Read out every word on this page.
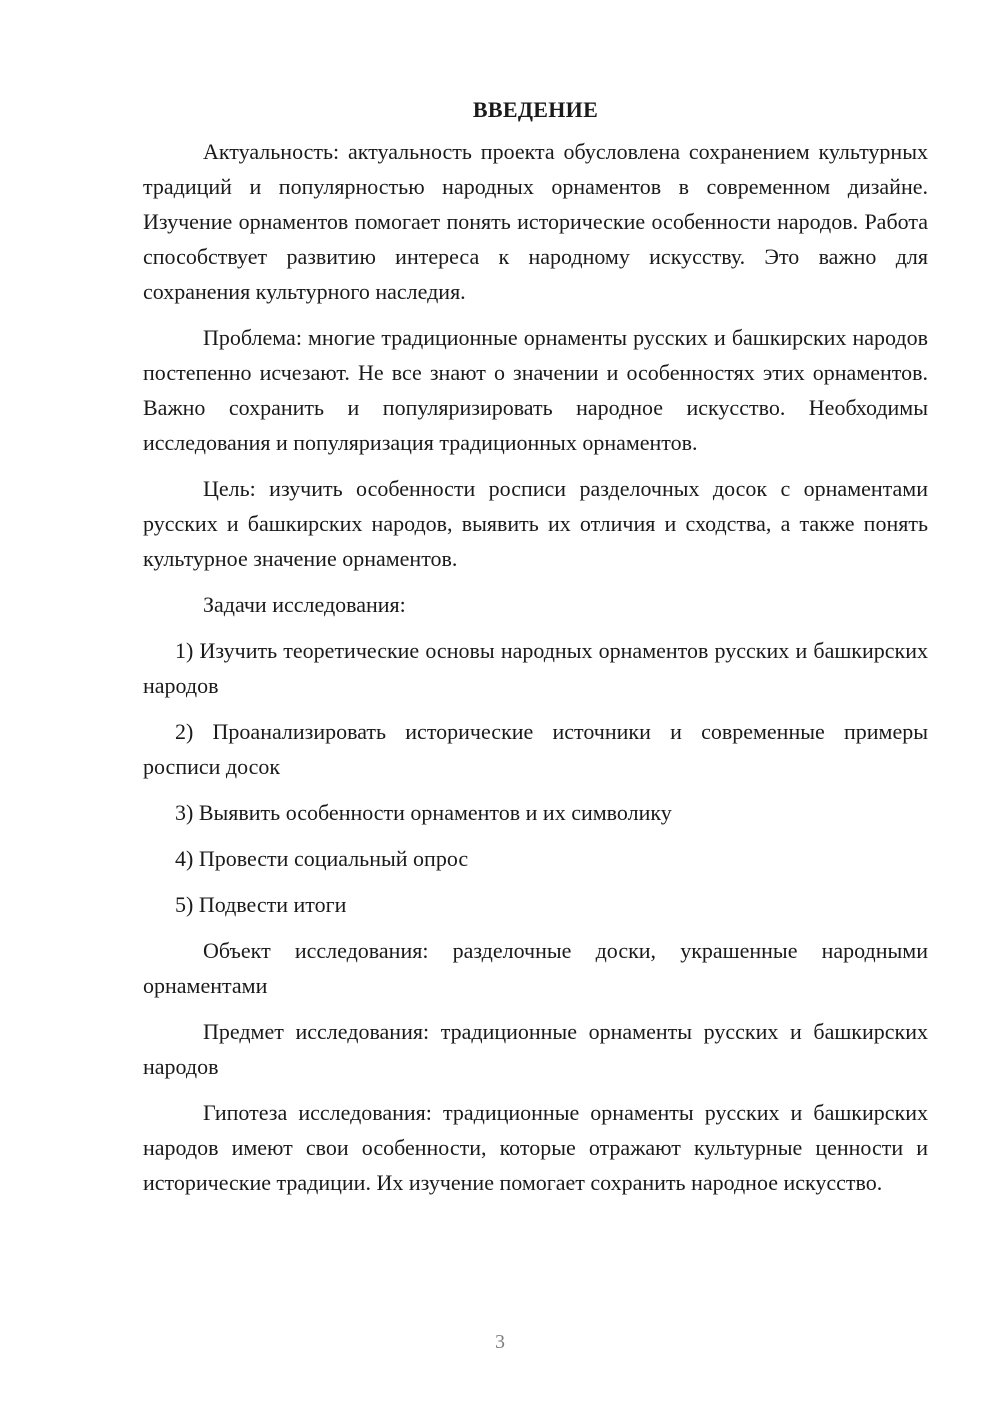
ВВЕДЕНИЕ

Актуальность: актуальность проекта обусловлена сохранением культурных традиций и популярностью народных орнаментов в современном дизайне. Изучение орнаментов помогает понять исторические особенности народов. Работа способствует развитию интереса к народному искусству. Это важно для сохранения культурного наследия.

Проблема: многие традиционные орнаменты русских и башкирских народов постепенно исчезают. Не все знают о значении и особенностях этих орнаментов. Важно сохранить и популяризировать народное искусство. Необходимы исследования и популяризация традиционных орнаментов.

Цель: изучить особенности росписи разделочных досок с орнаментами русских и башкирских народов, выявить их отличия и сходства, а также понять культурное значение орнаментов.

Задачи исследования:

1) Изучить теоретические основы народных орнаментов русских и башкирских народов

2) Проанализировать исторические источники и современные примеры росписи досок

3) Выявить особенности орнаментов и их символику

4) Провести социальный опрос

5) Подвести итоги

Объект исследования: разделочные доски, украшенные народными орнаментами

Предмет исследования: традиционные орнаменты русских и башкирских народов

Гипотеза исследования: традиционные орнаменты русских и башкирских народов имеют свои особенности, которые отражают культурные ценности и исторические традиции. Их изучение помогает сохранить народное искусство.

3
